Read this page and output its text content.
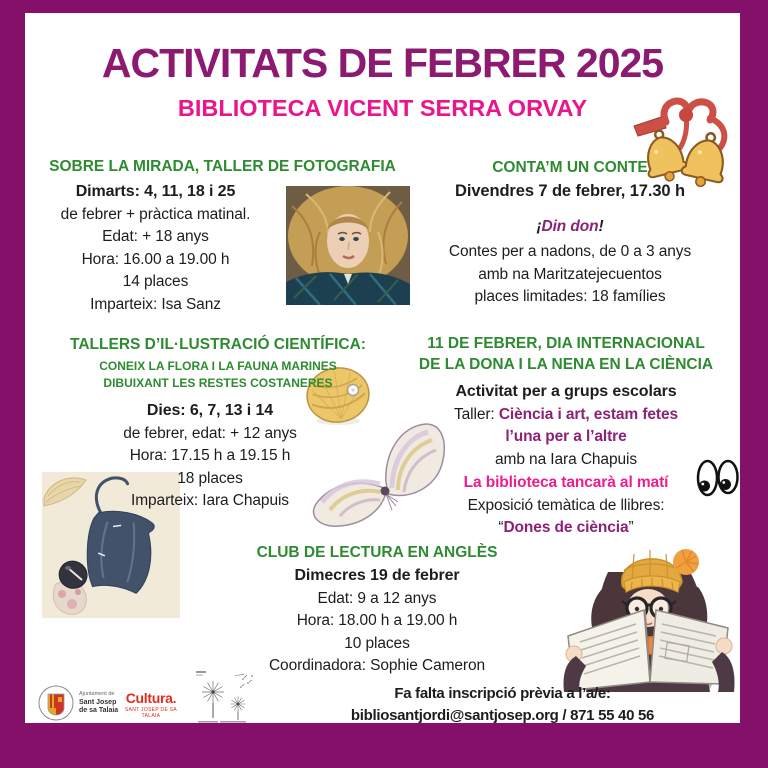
ACTIVITATS DE FEBRER 2025
BIBLIOTECA VICENT SERRA ORVAY
SOBRE LA MIRADA, TALLER DE FOTOGRAFIA
Dimarts: 4, 11, 18 i 25
de febrer + pràctica matinal.
Edat: + 18 anys
Hora: 16.00 a 19.00 h
14 places
Imparteix: Isa Sanz
CONTA’M UN CONTE
Divendres 7 de febrer, 17.30 h
¡Din don!
Contes per a nadons, de 0 a 3 anys
amb na Maritzatejecuentos
places limitades: 18 famílies
TALLERS D’IL·LUSTRACIÓ CIENTÍFICA:
CONEIX LA FLORA I LA FAUNA MARINES
DIBUIXANT LES RESTES COSTANERES
Dies: 6, 7, 13 i 14
de febrer, edat: + 12 anys
Hora: 17.15 h a 19.15 h
18 places
Imparteix: Iara Chapuis
11 DE FEBRER, DIA INTERNACIONAL
DE LA DONA I LA NENA EN LA CIÈNCIA
Activitat per a grups escolars
Taller: Ciència i art, estam fetes
l’una per a l’altre
amb na Iara Chapuis
La biblioteca tancarà al matí
Exposició temàtica de llibres:
“Dones de ciència”
CLUB DE LECTURA EN ANGLÈS
Dimecres 19 de febrer
Edat: 9 a 12 anys
Hora: 18.00 h a 19.00 h
10 places
Coordinadora: Sophie Cameron
Ajuntament de
Sant Josep
de sa Talaia
Cultura.
SANT JOSEP DE SA TALAIA
Fa falta inscripció prèvia a l’a/e:
bibliosantjordi@santjosep.org / 871 55 40 56
